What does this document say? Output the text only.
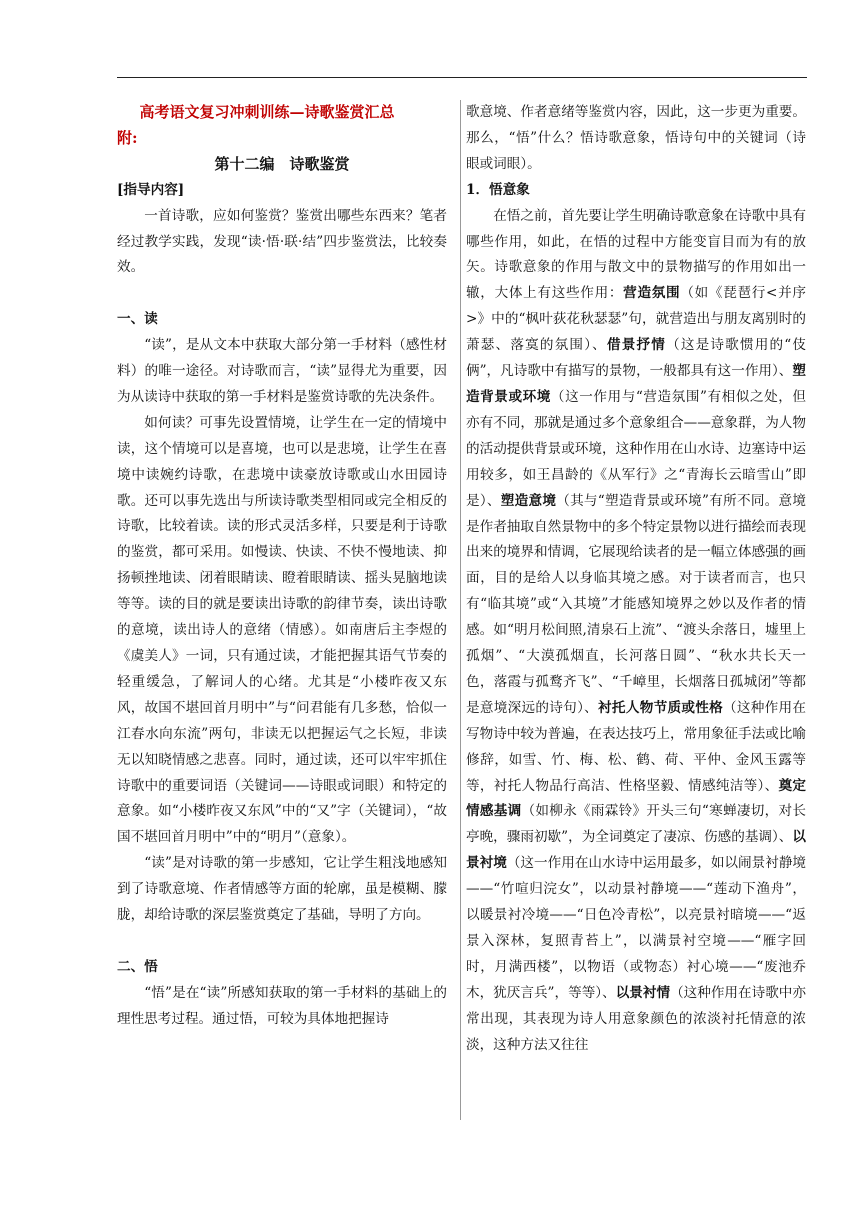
高考语文复习冲刺训练—诗歌鉴赏汇总

附:

第十二编　诗歌鉴赏

[指导内容]

一首诗歌，应如何鉴赏？鉴赏出哪些东西来？笔者经过教学实践，发现“读·悟·联·结”四步鉴赏法，比较奏效。

一、读

“读”，是从文本中获取大部分第一手材料（感性材料）的唯一途径。对诗歌而言，“读”显得尤为重要，因为从读诗中获取的第一手材料是鉴赏诗歌的先决条件。

如何读？可事先设置情境，让学生在一定的情境中读，这个情境可以是喜境，也可以是悲境，让学生在喜境中读婉约诗歌，在悲境中读豪放诗歌或山水田园诗歌。还可以事先选出与所读诗歌类型相同或完全相反的诗歌，比较着读。读的形式灵活多样，只要是利于诗歌的鉴赏，都可采用。如慢读、快读、不快不慢地读、抑扬顿挫地读、闭着眼睛读、瞪着眼睛读、摇头晃脑地读等等。读的目的就是要读出诗歌的韵律节奏，读出诗歌的意境，读出诗人的意绪（情感）。如南唐后主李煜的《虞美人》一词，只有通过读，才能把握其语气节奏的轻重缓急，了解词人的心绪。尤其是“小楼昨夜又东风，故国不堪回首月明中”与“问君能有几多愁，恰似一江春水向东流”两句，非读无以把握运气之长短，非读无以知晓情感之悲喜。同时，通过读，还可以牢牢抓住诗歌中的重要词语（关键词——诗眼或词眼）和特定的意象。如“小楼昨夜又东风”中的“又”字（关键词），“故国不堪回首月明中”中的“明月”（意象）。

“读”是对诗歌的第一步感知，它让学生粗浅地感知到了诗歌意境、作者情感等方面的轮廓，虽是模糊、朦胧，却给诗歌的深层鉴赏奠定了基础，导明了方向。

二、悟

“悟”是在“读”所感知获取的第一手材料的基础上的理性思考过程。通过悟，可较为具体地把握诗

歌意境、作者意绪等鉴赏内容，因此，这一步更为重要。那么，“悟”什么？悟诗歌意象，悟诗句中的关键词（诗眼或词眼）。

1．悟意象

在悟之前，首先要让学生明确诗歌意象在诗歌中具有哪些作用，如此，在悟的过程中方能变盲目而为有的放矢。诗歌意象的作用与散文中的景物描写的作用如出一辙，大体上有这些作用：营造氛围（如《琵琶行<并序>》中的“枫叶荻花秋瑟瑟”句，就营造出与朋友离别时的萧瑟、落寞的氛围）、借景抒情（这是诗歌惯用的“伎俩”，凡诗歌中有描写的景物，一般都具有这一作用）、塑造背景或环境（这一作用与“营造氛围”有相似之处，但亦有不同，那就是通过多个意象组合——意象群，为人物的活动提供背景或环境，这种作用在山水诗、边塞诗中运用较多，如王昌龄的《从军行》之“青海长云暗雪山”即是）、塑造意境（其与“塑造背景或环境”有所不同。意境是作者抽取自然景物中的多个特定景物以进行描绘而表现出来的境界和情调，它展现给读者的是一幅立体感强的画面，目的是给人以身临其境之感。对于读者而言，也只有“临其境”或“入其境”才能感知境界之妙以及作者的情感。如“明月松间照,清泉石上流”、“渡头余落日，墟里上孤烟”、“大漠孤烟直，长河落日圆”、“秋水共长天一色，落霞与孤鹜齐飞”、“千嶂里，长烟落日孤城闭”等都是意境深远的诗句）、衬托人物节质或性格（这种作用在写物诗中较为普遍，在表达技巧上，常用象征手法或比喻修辞，如雪、竹、梅、松、鹤、荷、平仲、金风玉露等等，衬托人物品行高洁、性格坚毅、情感纯洁等）、奠定情感基调（如柳永《雨霖铃》开头三句“寒蝉凄切，对长亭晚，骤雨初歇”，为全词奠定了凄凉、伤感的基调）、以景衬境（这一作用在山水诗中运用最多，如以闹景衬静境——“竹喧归浣女”，以动景衬静境——“莲动下渔舟”，以暖景衬冷境——“日色冷青松”，以亮景衬暗境——“返景入深林，复照青苔上”，以满景衬空境——“雁字回时，月满西楼”，以物语（或物态）衬心境——“废池乔木，犹厌言兵”，等等）、以景衬情（这种作用在诗歌中亦常出现，其表现为诗人用意象颜色的浓淡衬托情意的浓淡，这种方法又往往
